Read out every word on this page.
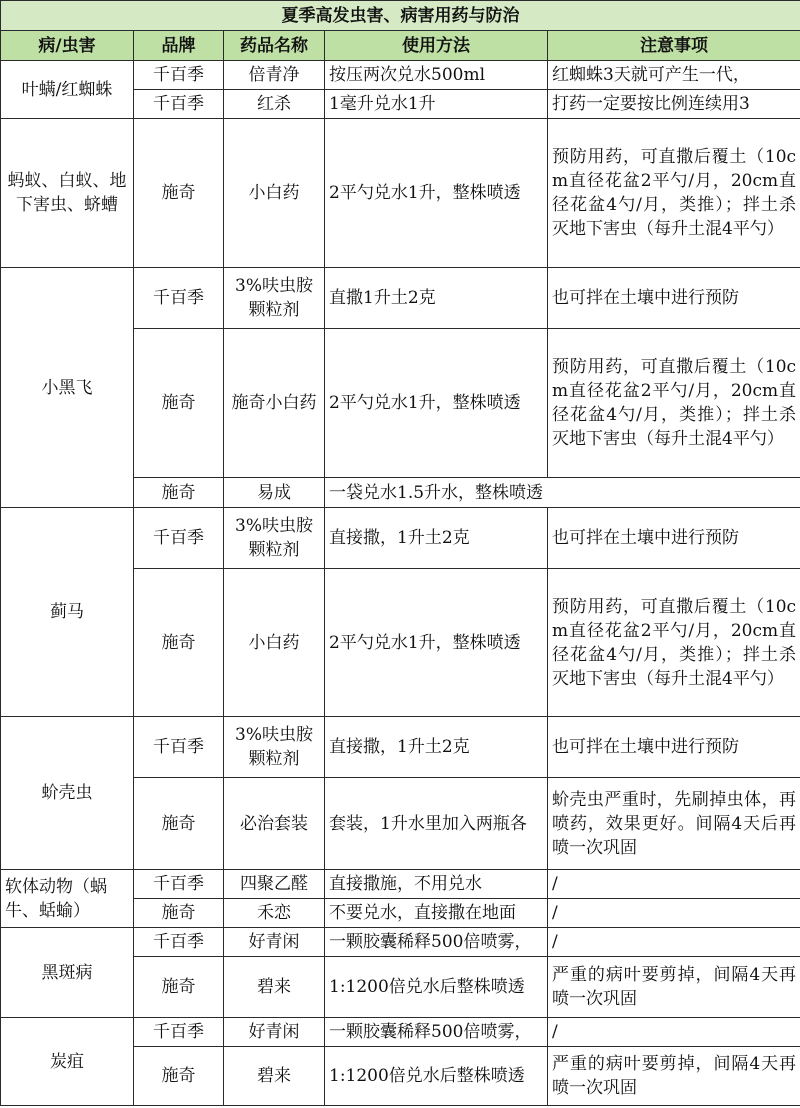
夏季高发虫害、病害用药与防治				
病/虫害	品牌	药品名称	使用方法	注意事项
叶螨/红蜘蛛	千百季	倍青净	按压两次兑水500ml	红蜘蛛3天就可产生一代，
	千百季	红杀	1毫升兑水1升	打药一定要按比例连续用3
蚂蚁、白蚁、地下害虫、蛴螬	施奇	小白药	2平勺兑水1升，整株喷透	预防用药，可直撒后覆土（10cm直径花盆2平勺/月，20cm直径花盆4勺/月，类推）；拌土杀灭地下害虫（每升土混4平勺）
小黑飞	千百季	3%呋虫胺颗粒剂	直撒1升土2克	也可拌在土壤中进行预防
	施奇	施奇小白药	2平勺兑水1升，整株喷透	预防用药，可直撒后覆土（10cm直径花盆2平勺/月，20cm直径花盆4勺/月，类推）；拌土杀灭地下害虫（每升土混4平勺）
	施奇	易成	一袋兑水1.5升水，整株喷透	
蓟马	千百季	3%呋虫胺颗粒剂	直接撒，1升土2克	也可拌在土壤中进行预防
	施奇	小白药	2平勺兑水1升，整株喷透	预防用药，可直撒后覆土（10cm直径花盆2平勺/月，20cm直径花盆4勺/月，类推）；拌土杀灭地下害虫（每升土混4平勺）
蚧壳虫	千百季	3%呋虫胺颗粒剂	直接撒，1升土2克	也可拌在土壤中进行预防
	施奇	必治套装	套装，1升水里加入两瓶各	蚧壳虫严重时，先刷掉虫体，再喷药，效果更好。间隔4天后再喷一次巩固
软体动物（蜗牛、蛞蝓）	千百季	四聚乙醛	直接撒施，不用兑水	/
	施奇	禾恋	不要兑水，直接撒在地面	/
黑斑病	千百季	好青闲	一颗胶囊稀释500倍喷雾，	/
	施奇	碧来	1:1200倍兑水后整株喷透	严重的病叶要剪掉，间隔4天再喷一次巩固
炭疽	千百季	好青闲	一颗胶囊稀释500倍喷雾，	/
	施奇	碧来	1:1200倍兑水后整株喷透	严重的病叶要剪掉，间隔4天再喷一次巩固
